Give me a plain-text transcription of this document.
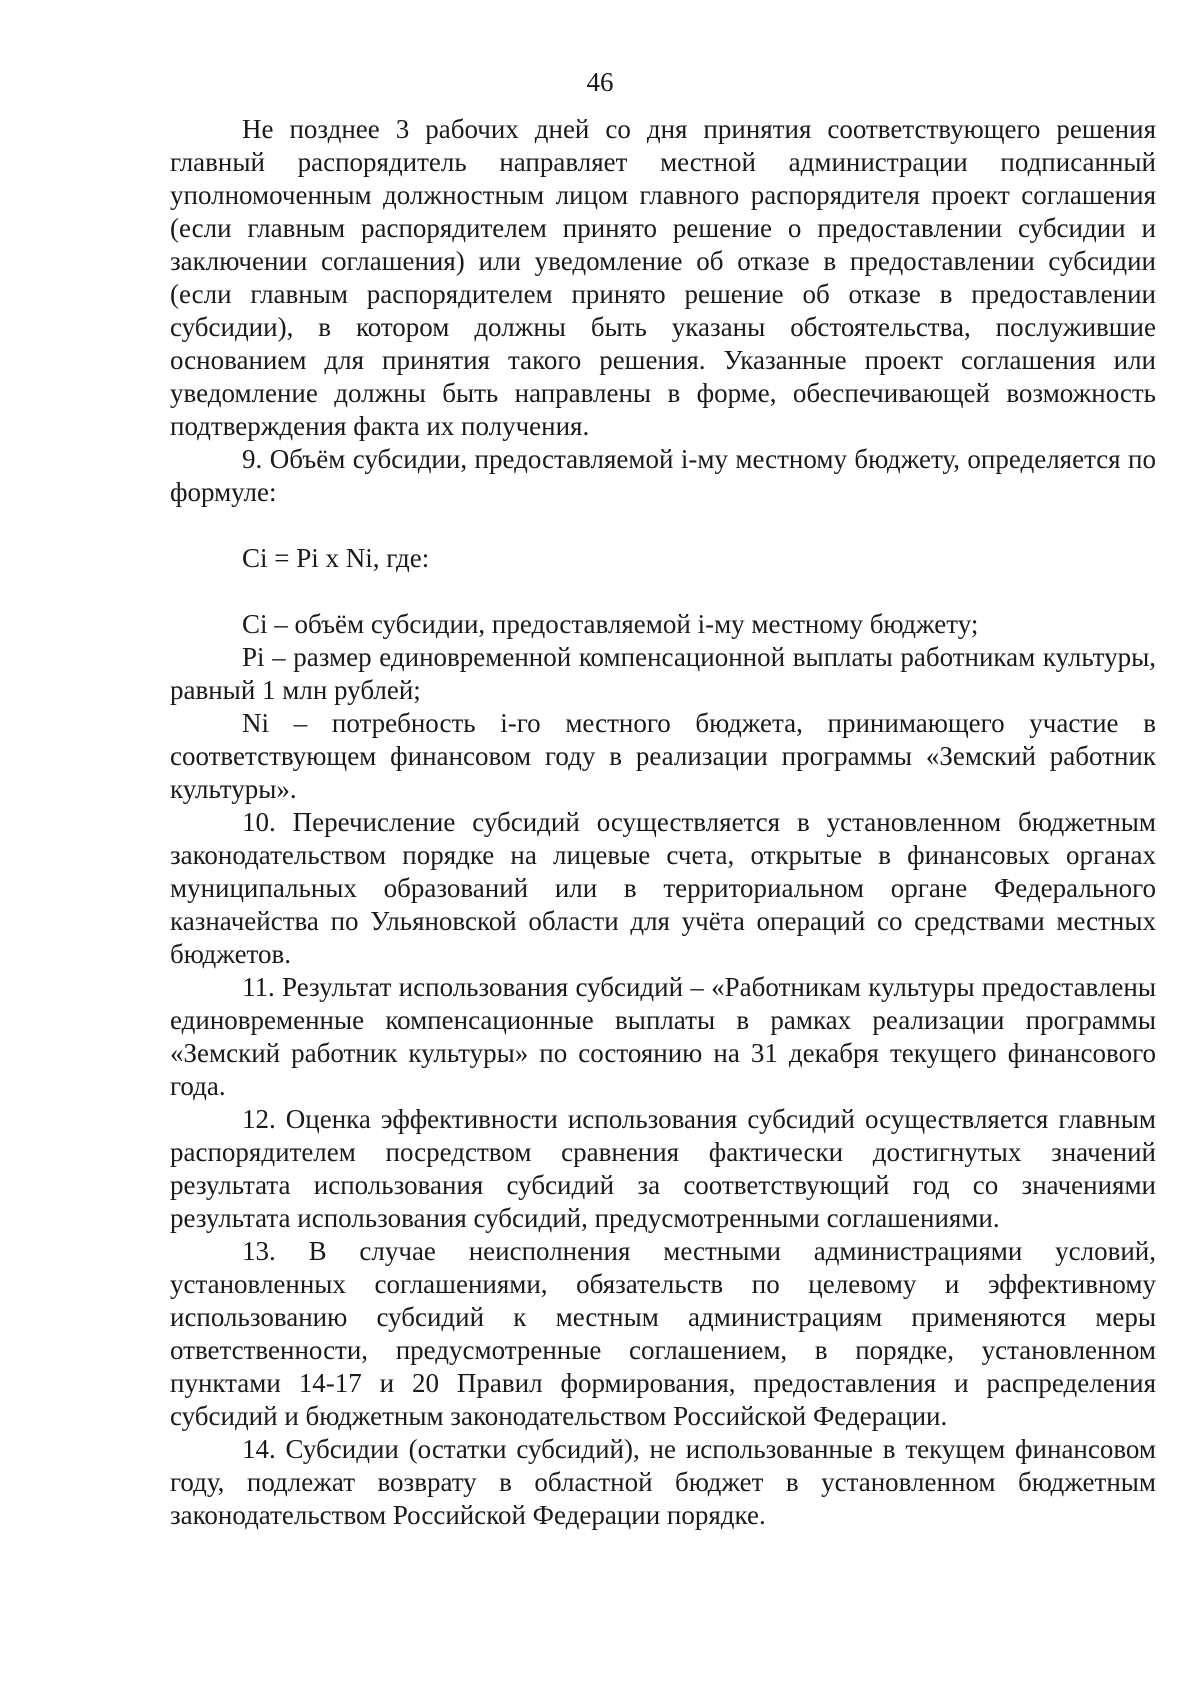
46

Не позднее 3 рабочих дней со дня принятия соответствующего решения главный распорядитель направляет местной администрации подписанный уполномоченным должностным лицом главного распорядителя проект соглашения (если главным распорядителем принято решение о предоставлении субсидии и заключении соглашения) или уведомление об отказе в предоставлении субсидии (если главным распорядителем принято решение об отказе в предоставлении субсидии), в котором должны быть указаны обстоятельства, послужившие основанием для принятия такого решения. Указанные проект соглашения или уведомление должны быть направлены в форме, обеспечивающей возможность подтверждения факта их получения.

9. Объём субсидии, предоставляемой i-му местному бюджету, определяется по формуле:

Ci = Pi x Ni, где:

Ci – объём субсидии, предоставляемой i-му местному бюджету;

Pi – размер единовременной компенсационной выплаты работникам культуры, равный 1 млн рублей;

Ni – потребность i-го местного бюджета, принимающего участие в соответствующем финансовом году в реализации программы «Земский работник культуры».

10. Перечисление субсидий осуществляется в установленном бюджетным законодательством порядке на лицевые счета, открытые в финансовых органах муниципальных образований или в территориальном органе Федерального казначейства по Ульяновской области для учёта операций со средствами местных бюджетов.

11. Результат использования субсидий – «Работникам культуры предоставлены единовременные компенсационные выплаты в рамках реализации программы «Земский работник культуры» по состоянию на 31 декабря текущего финансового года.

12. Оценка эффективности использования субсидий осуществляется главным распорядителем посредством сравнения фактически достигнутых значений результата использования субсидий за соответствующий год со значениями результата использования субсидий, предусмотренными соглашениями.

13. В случае неисполнения местными администрациями условий, установленных соглашениями, обязательств по целевому и эффективному использованию субсидий к местным администрациям применяются меры ответственности, предусмотренные соглашением, в порядке, установленном пунктами 14-17 и 20 Правил формирования, предоставления и распределения субсидий и бюджетным законодательством Российской Федерации.

14. Субсидии (остатки субсидий), не использованные в текущем финансовом году, подлежат возврату в областной бюджет в установленном бюджетным законодательством Российской Федерации порядке.
